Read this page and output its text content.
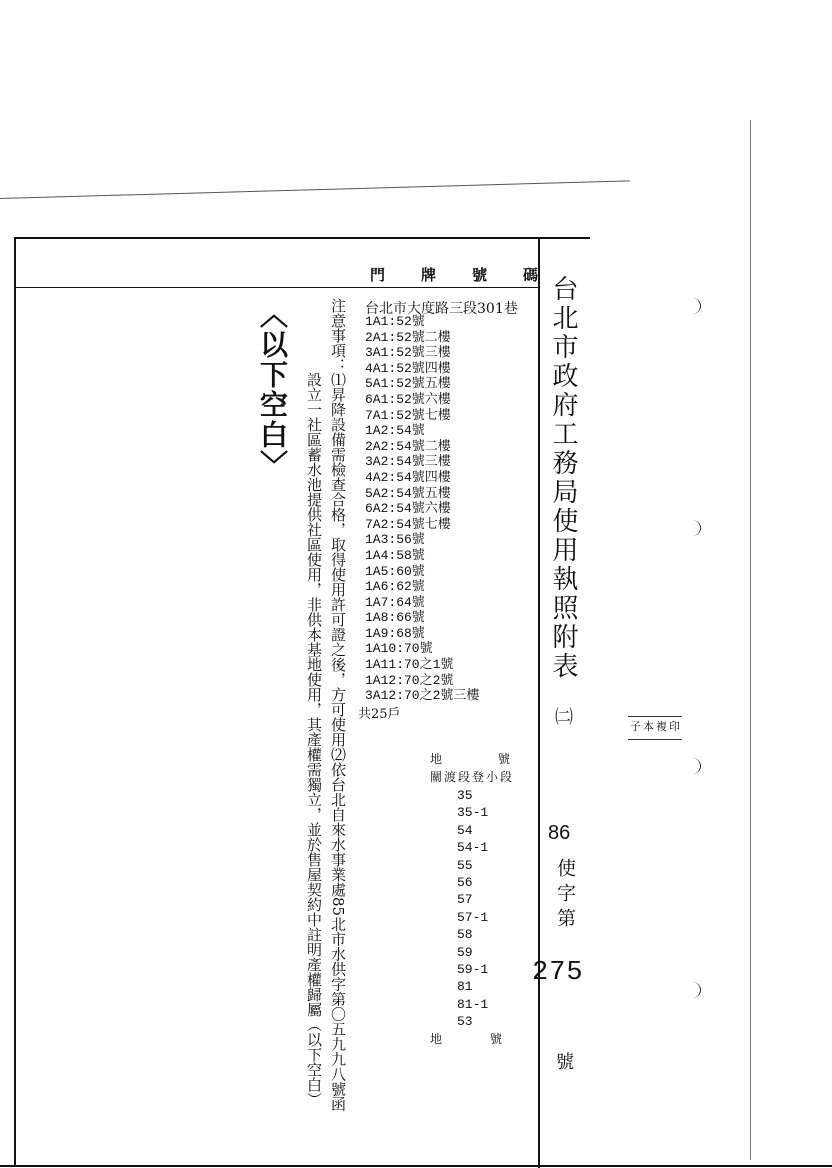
台北市政府工務局使用執照附表
㈡
86
使字第
275
號
門牌號碼
台北市大度路三段301巷
1A1:52號
2A1:52號二樓
3A1:52號三樓
4A1:52號四樓
5A1:52號五樓
6A1:52號六樓
7A1:52號七樓
1A2:54號
2A2:54號二樓
3A2:54號三樓
4A2:54號四樓
5A2:54號五樓
6A2:54號六樓
7A2:54號七樓
1A3:56號
1A4:58號
1A5:60號
1A6:62號
1A7:64號
1A8:66號
1A9:68號
1A10:70號
1A11:70之1號
1A12:70之2號
3A12:70之2號三樓
共25戶
地號
關渡段登小段
35
35-1
54
54-1
55
56
57
57-1
58
59
59-1
81
81-1
53
地號
注意事項：
⑴昇降設備需檢查合格，取得使用許可證之後，方可使用⑵依台北自來水事業處85北市水供字第〇五九九八號函
設立一社區蓄水池提供社區使用，非供本基地使用，其產權需獨立，並於售屋契約中註明產權歸屬（以下空白）
〈以下空白〉
子本複印
